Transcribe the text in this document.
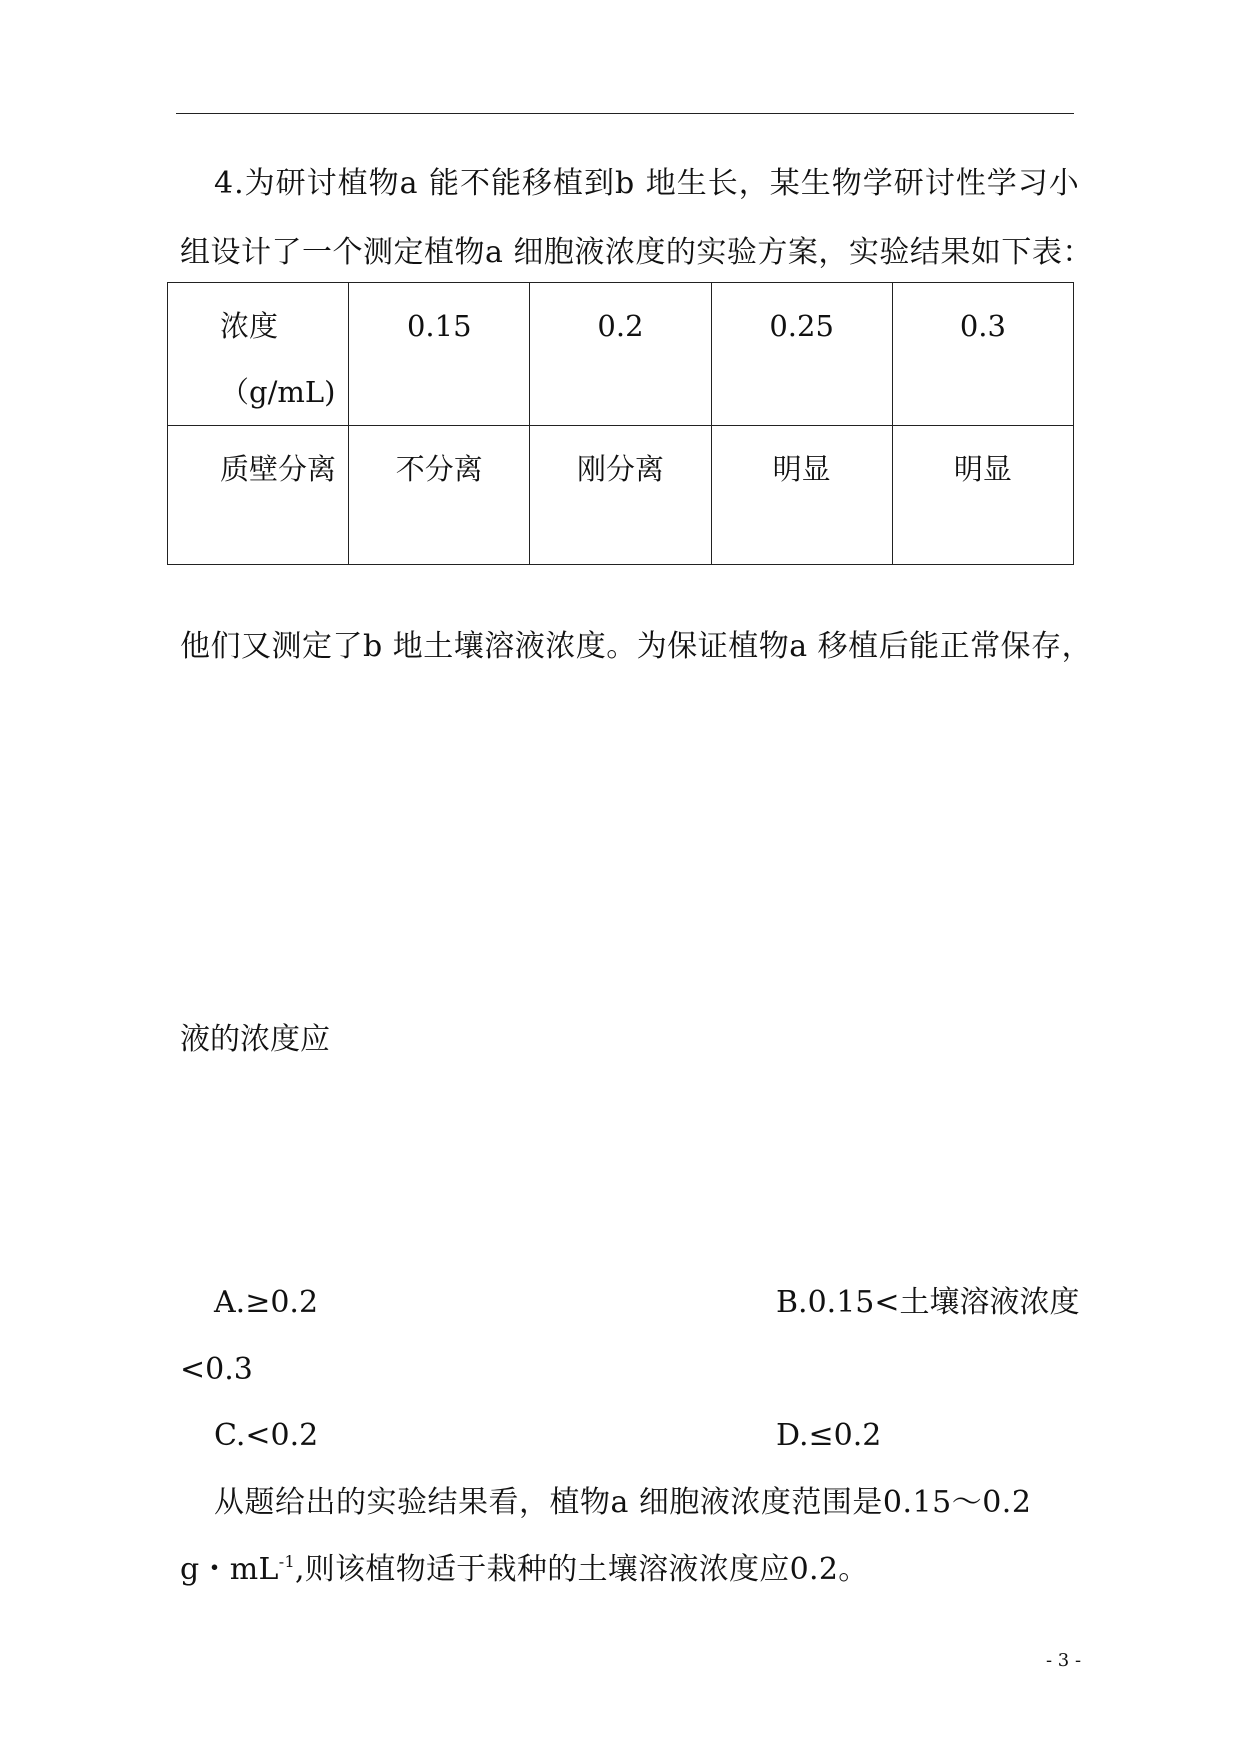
4.为研讨植物a 能不能移植到b 地生长，某生物学研讨性学习小
组设计了一个测定植物a 细胞液浓度的实验方案，实验结果如下表：
浓度（g/mL)	0.15	0.2	0.25	0.3
质壁分离	不分离	刚分离	明显	明显
他们又测定了b 地土壤溶液浓度。为保证植物a 移植后能正常保存，
液的浓度应
A.≥0.2	B.0.15<土壤溶液浓度
<0.3
C.<0.2	D.≤0.2
从题给出的实验结果看，植物a 细胞液浓度范围是0.15～0.2
g・$mL^{-1}$,则该植物适于栽种的土壤溶液浓度应0.2。
- 3 -
